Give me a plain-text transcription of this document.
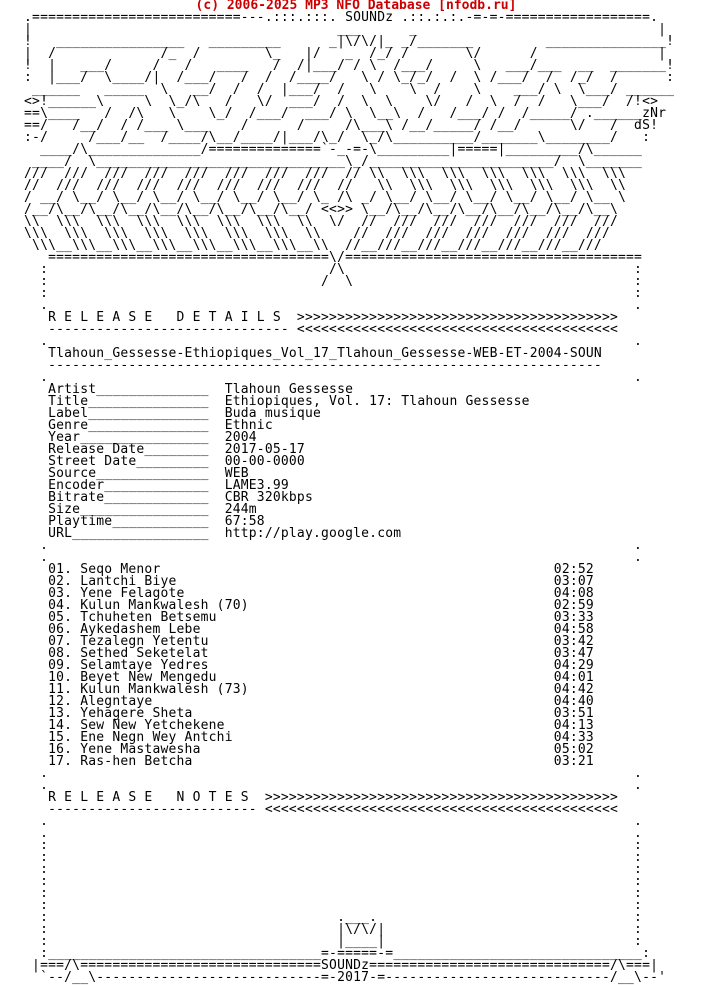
(c) 2006-2025 MP3 NFO Database [nfodb.ru]
.==========================---.:::.:::. SOUNDz .::.:.:.-=-=-==================.
|                                      ___      _                              |
!   ________________   _________      _|\/\/|_ _/_______         _______________!
|  /             /_  /        \_   |/   _  /_/ /       \/      /               |
!  |   ___/     /   /   ____   /  /|___/ / \  /___/     \   ___/___  __  _______!
:  |___/  \____/|  /___/   /  /  /____/   \ / \_/_/  /  \ /___/  /  /_/  /      :
______   _____  \   __/  /  /  |___/  /   \    \  /    \    ___/ \  \___/ ______
<>!______\     \  \_/\   /   \/  ___/  /  \  \    \/   /  \  /  /   \___/  /!<>
==\____   /  /\   \    \_/  /___/  ___/ \  \__\  /   /___/ /  /_____/ .______zNr
==/   /__/  / /___ \___    /      /     /\___\ /__/_____/ /__/      \/   /  dS!
:-/     /___/__  /____/\__/____/|___/\_/  \_/\__________/_______\________/   :
____/\______________/==============`-_-=-\_________|=====|_________/\______
____/  \_______________________________\_/_______________________/  \_______
///  ///  ///  ///  ///  ///  ///  ///  // \\  \\\  \\\  \\\  \\\  \\\  \\\
//  ///  ///  ///  ///  ///  ///  ///  //   \\  \\\  \\\  \\\  \\\  \\\  \\
/ __/ \__/ \__/ \__/ \__/ \__/ \__/ \_ /\ _/ \__/ \__/ \__/ \__/ \__/ \__ \
/__/\__/\__/\__/\__/\__/\__/\__/\__/ <<>> \__/\__/\__/\__/\__/\__/\__/\__\
\\  \\\  \\\  \\\  \\\  \\\  \\\  \\  \/  //  ///  ///  ///  ///  ///  ///
\\\  \\\  \\\  \\\  \\\  \\\  \\\  \\    //  ///  ///  ///  ///  ///  ///
\\\__\\\__\\\__\\\__\\\__\\\__\\\__\\  //__///__///__///__///__///__///
===================================\/=====================================
:                                   /\                                    :
:                                  /  \                                   :
:                                                                         :
.                                                                         .
R E L E A S E   D E T A I L S  >>>>>>>>>>>>>>>>>>>>>>>>>>>>>>>>>>>>>>>>
------------------------------ <<<<<<<<<<<<<<<<<<<<<<<<<<<<<<<<<<<<<<<<
.                                                                         .
Tlahoun_Gessesse-Ethiopiques_Vol_17_Tlahoun_Gessesse-WEB-ET-2004-SOUN
---------------------------------------------------------------------
.                                                                         .
Artist______________  Tlahoun Gessesse
Title_______________  Ethiopiques, Vol. 17: Tlahoun Gessesse
Label_______________  Buda musique
Genre_______________  Ethnic
Year________________  2004
Release Date________  2017-05-17
Street Date_________  00-00-0000
Source______________  WEB
Encoder_____________  LAME3.99
Bitrate_____________  CBR 320kbps
Size________________  244m
Playtime____________  67:58
URL_________________  http://play.google.com
.                                                                         .
.                                                                         .
01. Seqo Menor                                                 02:52
02. Lantchi Biye                                               03:07
03. Yene Felagote                                              04:08
04. Kulun Mankwalesh (70)                                      02:59
05. Tchuheten Betsemu                                          03:33
06. Aykedashem Lebe                                            04:58
07. Tezalegn Yetentu                                           03:42
08. Sethed Seketelat                                           03:47
09. Selamtaye Yedres                                           04:29
10. Beyet New Mengedu                                          04:01
11. Kulun Mankwalesh (73)                                      04:42
12. Alegntaye                                                  04:40
13. Yehagere Sheta                                             03:51
14. Sew New Yetchekene                                         04:13
15. Ene Negn Wey Antchi                                        04:33
16. Yene Mastawesha                                            05:02
17. Ras-hen Betcha                                             03:21
.                                                                         .
.                                                                         .
R E L E A S E   N O T E S  >>>>>>>>>>>>>>>>>>>>>>>>>>>>>>>>>>>>>>>>>>>>
-------------------------- <<<<<<<<<<<<<<<<<<<<<<<<<<<<<<<<<<<<<<<<<<<<
.                                                                         .
.                                                                         .
:                                                                         :
:                                                                         :
:                                                                         :
:                                                                         :
:                                                                         :
:                                                                         :
:                                    .___.                                :
:                                    |\/\/|                               :
:                                    |____|                               :
:__________________________________=-=====-=_______________________________:
|===/\==============================SOUNDz==============================/\===|
`--/__\----------------------------=-2017-=----------------------------/__\--'
